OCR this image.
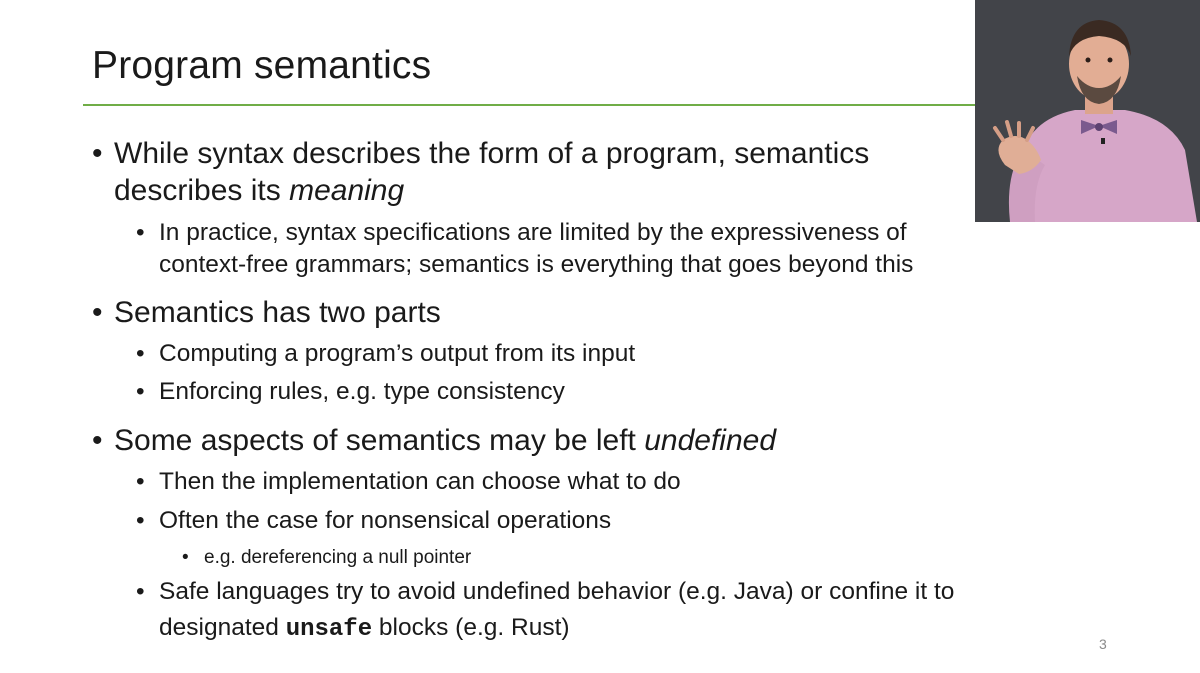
Program semantics
• While syntax describes the form of a program, semantics
describes its meaning
• In practice, syntax specifications are limited by the expressiveness of
context-free grammars; semantics is everything that goes beyond this
• Semantics has two parts
• Computing a program’s output from its input
• Enforcing rules, e.g. type consistency
• Some aspects of semantics may be left undefined
• Then the implementation can choose what to do
• Often the case for nonsensical operations
• e.g. dereferencing a null pointer
• Safe languages try to avoid undefined behavior (e.g. Java) or confine it to
designated unsafe blocks (e.g. Rust)
3
